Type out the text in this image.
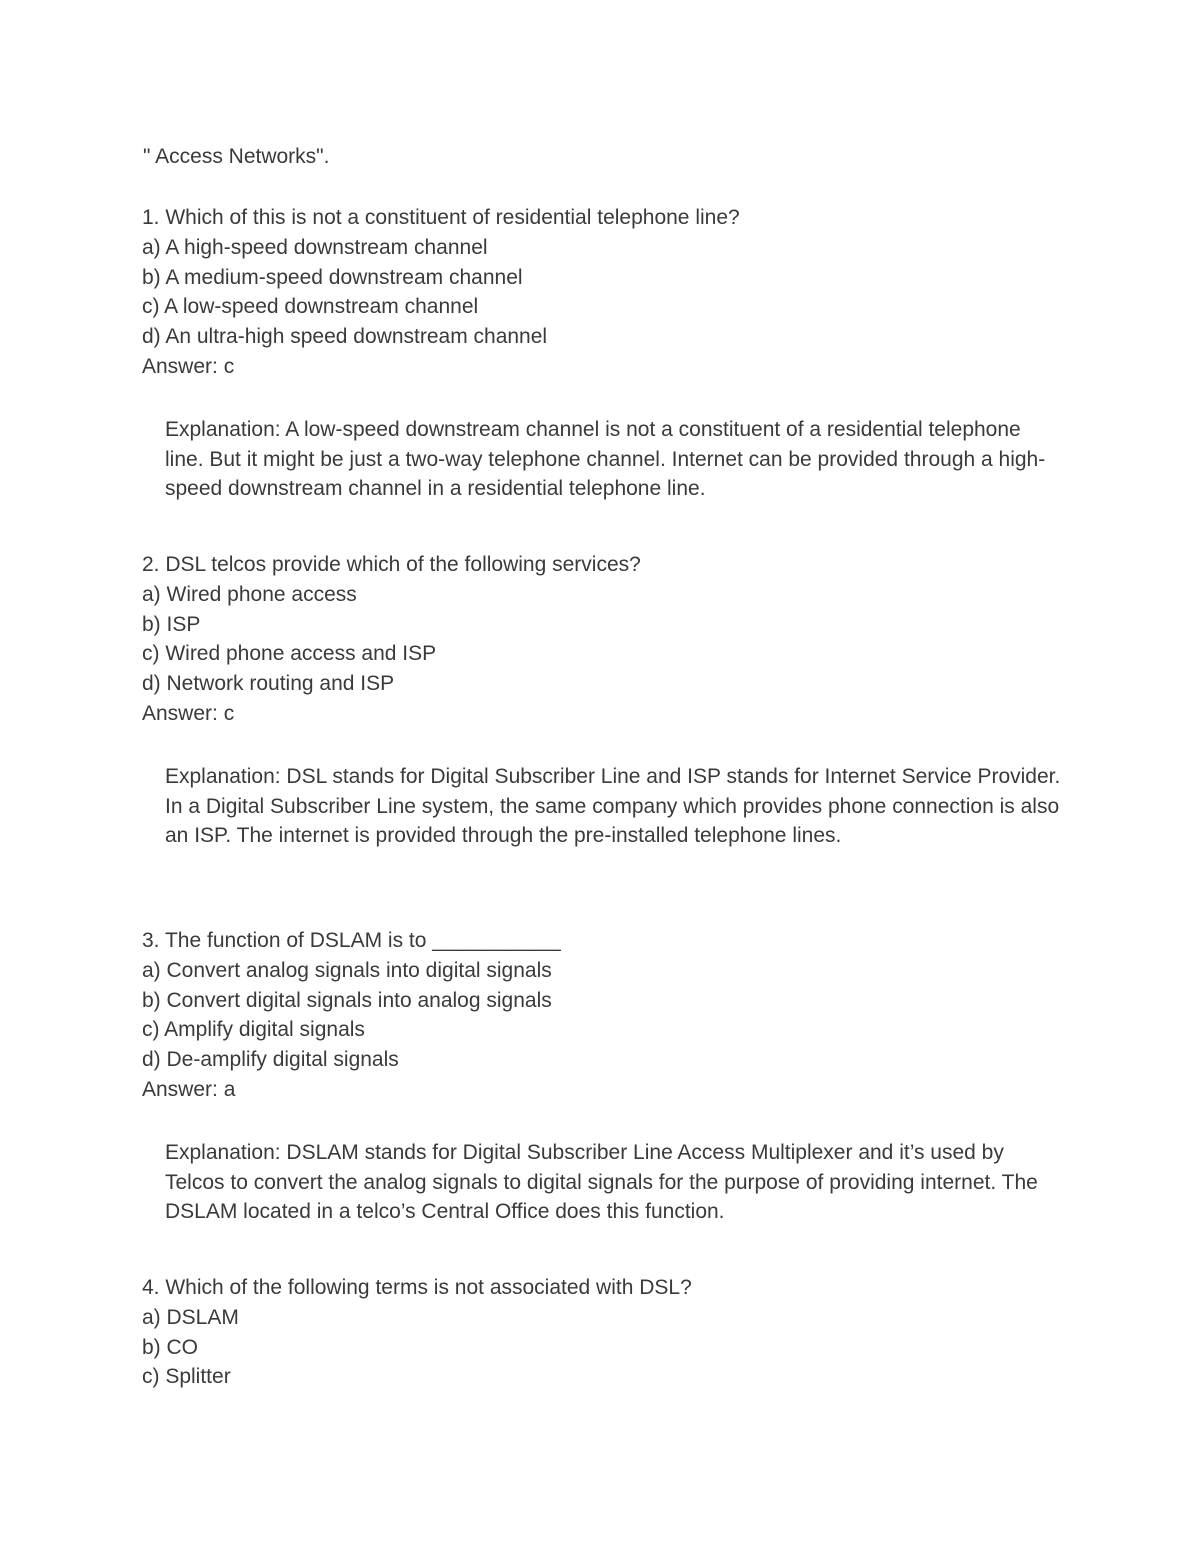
" Access Networks".
1. Which of this is not a constituent of residential telephone line?
a) A high-speed downstream channel
b) A medium-speed downstream channel
c) A low-speed downstream channel
d) An ultra-high speed downstream channel
Answer: c
Explanation: A low-speed downstream channel is not a constituent of a residential telephone line. But it might be just a two-way telephone channel. Internet can be provided through a high-speed downstream channel in a residential telephone line.
2. DSL telcos provide which of the following services?
a) Wired phone access
b) ISP
c) Wired phone access and ISP
d) Network routing and ISP
Answer: c
Explanation: DSL stands for Digital Subscriber Line and ISP stands for Internet Service Provider. In a Digital Subscriber Line system, the same company which provides phone connection is also an ISP. The internet is provided through the pre-installed telephone lines.
3. The function of DSLAM is to ___________
a) Convert analog signals into digital signals
b) Convert digital signals into analog signals
c) Amplify digital signals
d) De-amplify digital signals
Answer: a
Explanation: DSLAM stands for Digital Subscriber Line Access Multiplexer and it’s used by Telcos to convert the analog signals to digital signals for the purpose of providing internet. The DSLAM located in a telco’s Central Office does this function.
4. Which of the following terms is not associated with DSL?
a) DSLAM
b) CO
c) Splitter
